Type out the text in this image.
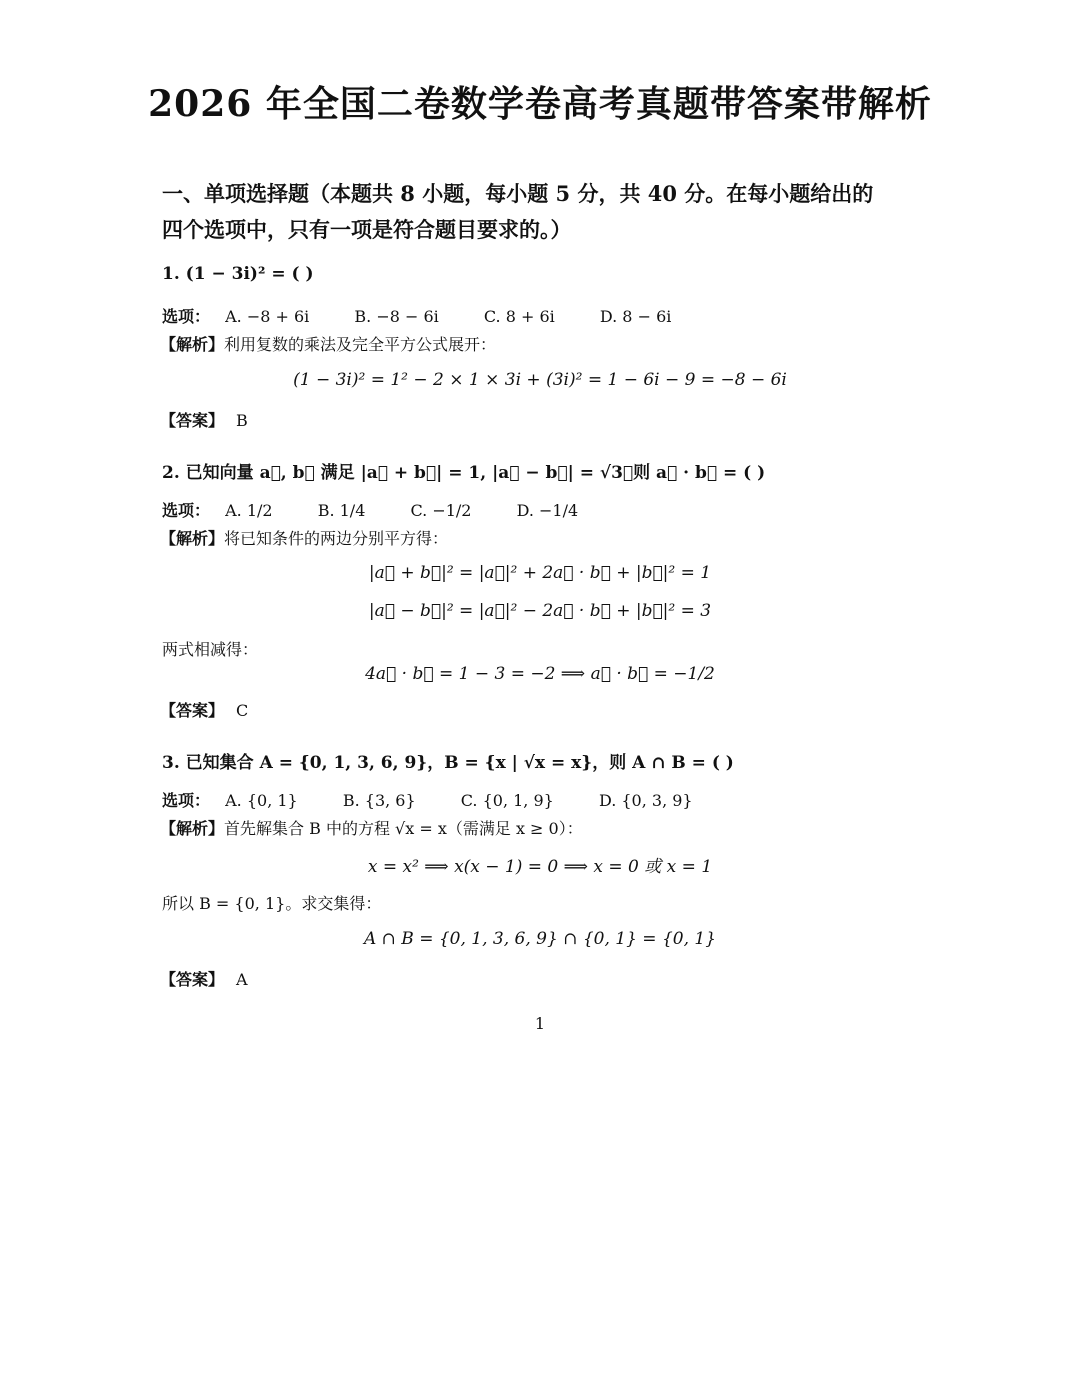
2026 年全国二卷数学卷高考真题带答案带解析
一、单项选择题（本题共 8 小题，每小题 5 分，共 40 分。在每小题给出的
四个选项中，只有一项是符合题目要求的。）
1. (1 − 3i)² = ( )
选项： A. −8 + 6i	B. −8 − 6i	C. 8 + 6i	D. 8 − 6i
【解析】利用复数的乘法及完全平方公式展开：
(1 − 3i)² = 1² − 2 × 1 × 3i + (3i)² = 1 − 6i − 9 = −8 − 6i
【答案】 B
2. 已知向量 a⃗, b⃗ 满足 |a⃗ + b⃗| = 1, |a⃗ − b⃗| = √3，则 a⃗ · b⃗ = ( )
选项： A. 1/2	B. 1/4	C. −1/2	D. −1/4
【解析】将已知条件的两边分别平方得：
|a⃗ + b⃗|² = |a⃗|² + 2a⃗ · b⃗ + |b⃗|² = 1
|a⃗ − b⃗|² = |a⃗|² − 2a⃗ · b⃗ + |b⃗|² = 3
两式相减得：
4a⃗ · b⃗ = 1 − 3 = −2 ⟹ a⃗ · b⃗ = −1/2
【答案】 C
3. 已知集合 A = {0, 1, 3, 6, 9}，B = {x | √x = x}，则 A ∩ B = ( )
选项： A. {0, 1}	B. {3, 6}	C. {0, 1, 9}	D. {0, 3, 9}
【解析】首先解集合 B 中的方程 √x = x（需满足 x ≥ 0）：
x = x² ⟹ x(x − 1) = 0 ⟹ x = 0 或 x = 1
所以 B = {0, 1}。求交集得：
A ∩ B = {0, 1, 3, 6, 9} ∩ {0, 1} = {0, 1}
【答案】 A
1
